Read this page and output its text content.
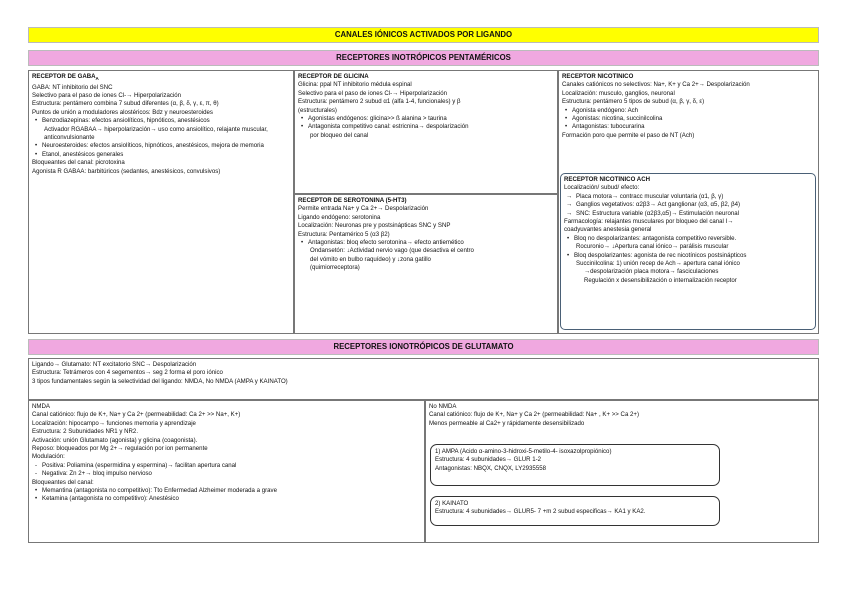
CANALES IÓNICOS ACTIVADOS POR LIGANDO
RECEPTORES INOTRÓPICOS PENTAMÉRICOS
RECEPTOR DE $GABA_A$
GABA: NT inhibitorio del SNC
Selectivo para el paso de iones Cl-→ Hiperpolarización
Estructura: pentámero combina 7 subud diferentes (α, β, δ, γ, ε, π, θ)
Puntos de unión a moduladores alostéricos: Bdz y neuroesteroides
• Benzodiazepinas: efectos ansiolíticos, hipnóticos, anestésicos
Activador RGABAA→ hiperpolarización→ uso como ansiolítico, relajante muscular, anticonvulsionante
• Neuroesteroides: efectos ansiolíticos, hipnóticos, anestésicos, mejora de memoria
• Etanol, anestésicos generales
Bloqueantes del canal: picrotoxina
Agonista R GABAA: barbitúricos (sedantes, anestésicos, convulsivos)
RECEPTOR DE GLICINA
Glicina: ppal NT inhibitorio médula espinal
Selectivo para el paso de iones Cl-→ Hiperpolarización
Estructura: pentámero 2 subud α1 (alfa 1-4, funcionales) y β
(estructurales)
• Agonistas endógenos: glicina>> ß alanina > taurina
• Antagonista competitivo canal: estricnina→ despolarización
por bloqueo del canal
RECEPTOR DE SEROTONINA (5-HT3)
Permite entrada Na+ y Ca 2+→ Despolarización
Ligando endógeno: serotonina
Localización: Neuronas pre y postsinápticas SNC y SNP
Estructura: Pentamérico 5 (α3 β2)
• Antagonistas: bloq efecto serotonina→ efecto antiemético
Ondansetón: ↓Actividad nervio vago (que desactiva el centro
del vómito en bulbo raquídeo) y ↓zona gatillo
(quimiorreceptora)
RECEPTOR NICOTÍNICO
Canales catiónicos no selectivos: Na+, K+ y Ca 2+→ Despolarización
Localización: musculo, ganglios, neuronal
Estructura: pentámero 5 tipos de subud (α, β, γ, δ, ε)
• Agonista endógeno: Ach
• Agonistas: nicotina, succinilcolina
• Antagonistas: tubocurarina
Formación poro que permite el paso de NT (Ach)
RECEPTOR NICOTÍNICO ACH
Localización/ subud/ efecto:
→ Placa motora→ contracc muscular voluntaria (α1, β, γ)
→ Ganglios vegetativos: α2β3→ Act ganglionar (α3, α5, β2, β4)
→ SNC: Estructura variable (α2β3,α5)→ Estimulación neuronal
Farmacología: relajantes musculares por bloqueo del canal I→
coadyuvantes anestesia general
• Bloq no despolarizantes: antagonista competitivo reversible.
Rocuronio→ ↓Apertura canal iónico→ parálisis muscular
• Bloq despolarizantes: agonista de rec nicotínicos postsinápticos
Succinilcolina: 1) unión recep de Ach→ apertura canal iónico
→despolarización placa motora→ fasciculaciones
Regulación x desensibilización o internalización receptor
RECEPTORES IONOTRÓPICOS DE GLUTAMATO
Ligando→ Glutamato: NT excitatorio SNC→ Despolarización
Estructura: Tetrámeros con 4 segementos→ seg 2 forma el poro iónico
3 tipos fundamentales según la selectividad del ligando: NMDA, No NMDA (AMPA y KAINATO)
NMDA
Canal catiónico: flujo de K+, Na+ y Ca 2+ (permeabilidad: Ca 2+ >> Na+, K+)
Localización: hipocampo→ funciones memoria y aprendizaje
Estructura: 2 Subunidades NR1 y NR2.
Activación: unión Glutamato (agonista) y glicina (coagonista).
Reposo: bloqueados por Mg 2+→ regulación por ion permanente
Modulación:
- Positiva: Poliamina (espermidina y espermina)→ facilitan apertura canal
- Negativa: Zn 2+→ bloq impulso nervioso
Bloqueantes del canal:
• Memantina (antagonista no competitivo): Tto Enfermedad Alzheimer moderada a grave
• Ketamina (antagonista no competitivo): Anestésico
No NMDA
Canal catiónico: flujo de K+, Na+ y Ca 2+ (permeabilidad: Na+ , K+ >> Ca 2+)
Menos permeable al Ca2+ y rápidamente desensibilizado
1) AMPA (Ácido α-amino-3-hidroxi-5-metilo-4- isoxazolpropiónico)
Estructura: 4 subunidades→ GLUR 1-2
Antagonistas: NBQX, CNQX, LY2935558
2) KAINATO
Estructura: 4 subunidades→ GLUR5- 7 +m 2 subud especificas→ KA1 y KA2.
